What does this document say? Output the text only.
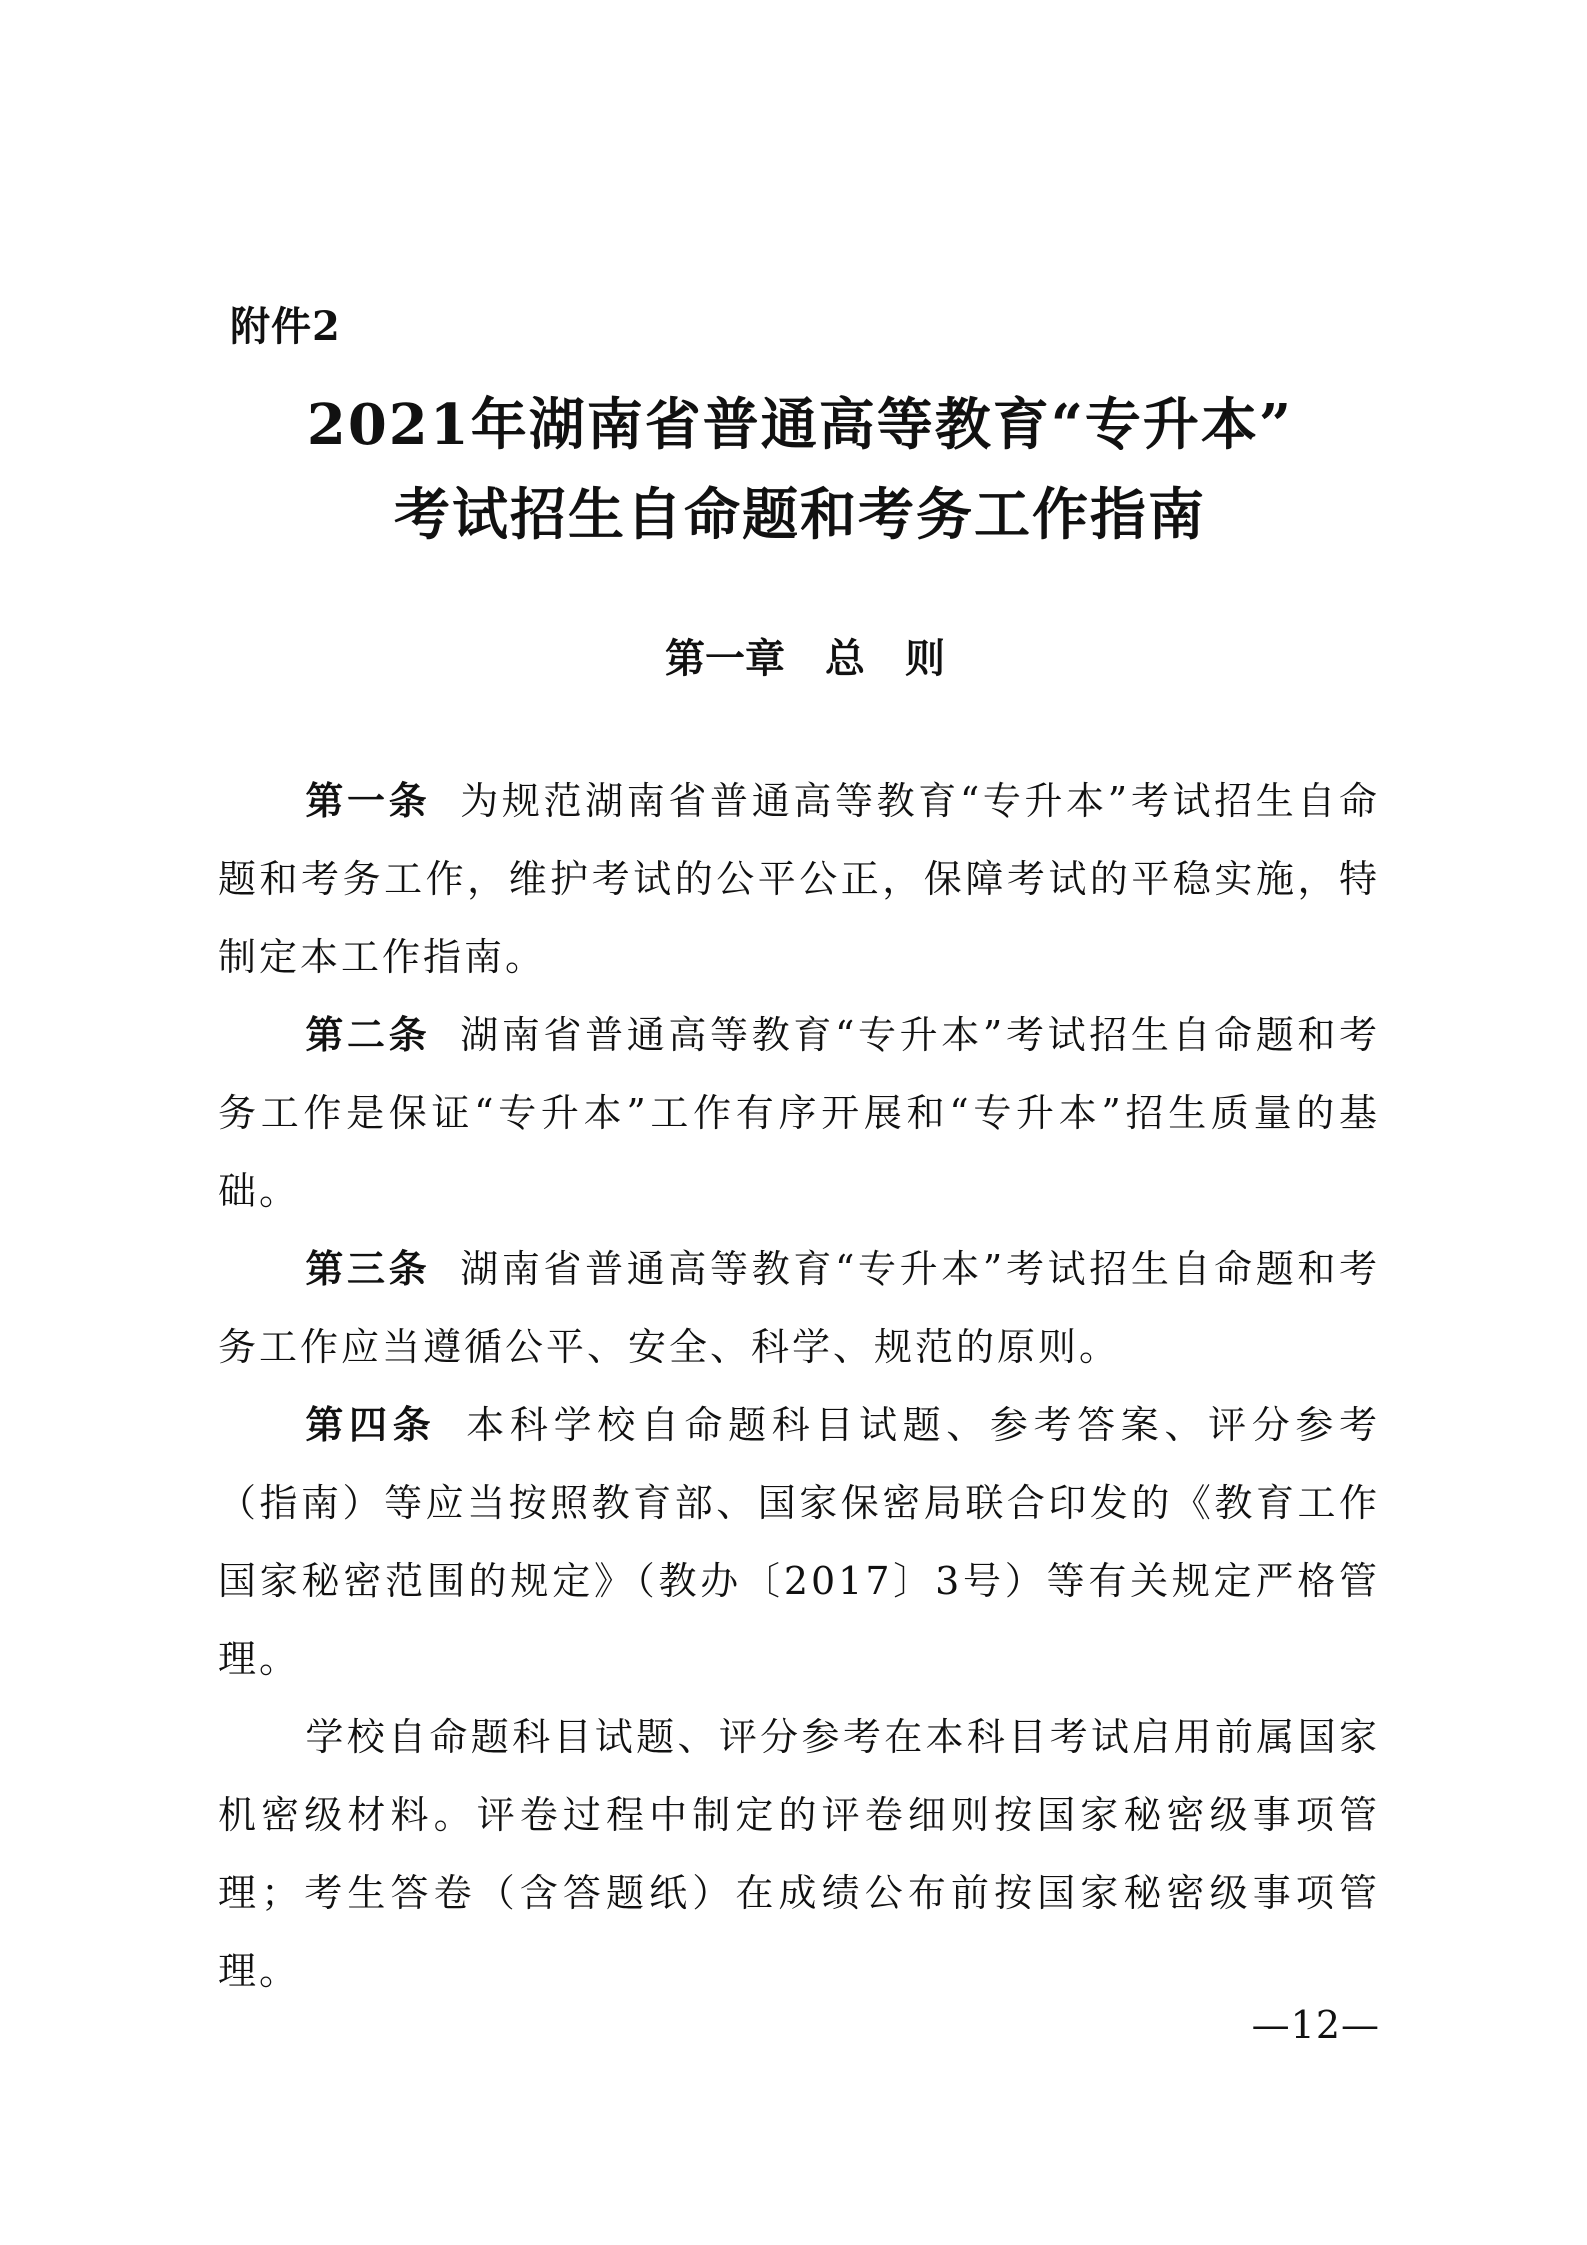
附件2
2021年湖南省普通高等教育“专升本”
考试招生自命题和考务工作指南
第一章　总　则

第一条 为规范湖南省普通高等教育“专升本”考试招生自命题和考务工作，维护考试的公平公正，保障考试的平稳实施，特制定本工作指南。

第二条 湖南省普通高等教育“专升本”考试招生自命题和考务工作是保证“专升本”工作有序开展和“专升本”招生质量的基础。

第三条 湖南省普通高等教育“专升本”考试招生自命题和考务工作应当遵循公平、安全、科学、规范的原则。

第四条 本科学校自命题科目试题、参考答案、评分参考（指南）等应当按照教育部、国家保密局联合印发的《教育工作国家秘密范围的规定》（教办〔2017〕3号）等有关规定严格管理。

学校自命题科目试题、评分参考在本科目考试启用前属国家机密级材料。评卷过程中制定的评卷细则按国家秘密级事项管理；考生答卷（含答题纸）在成绩公布前按国家秘密级事项管理。

—12—
